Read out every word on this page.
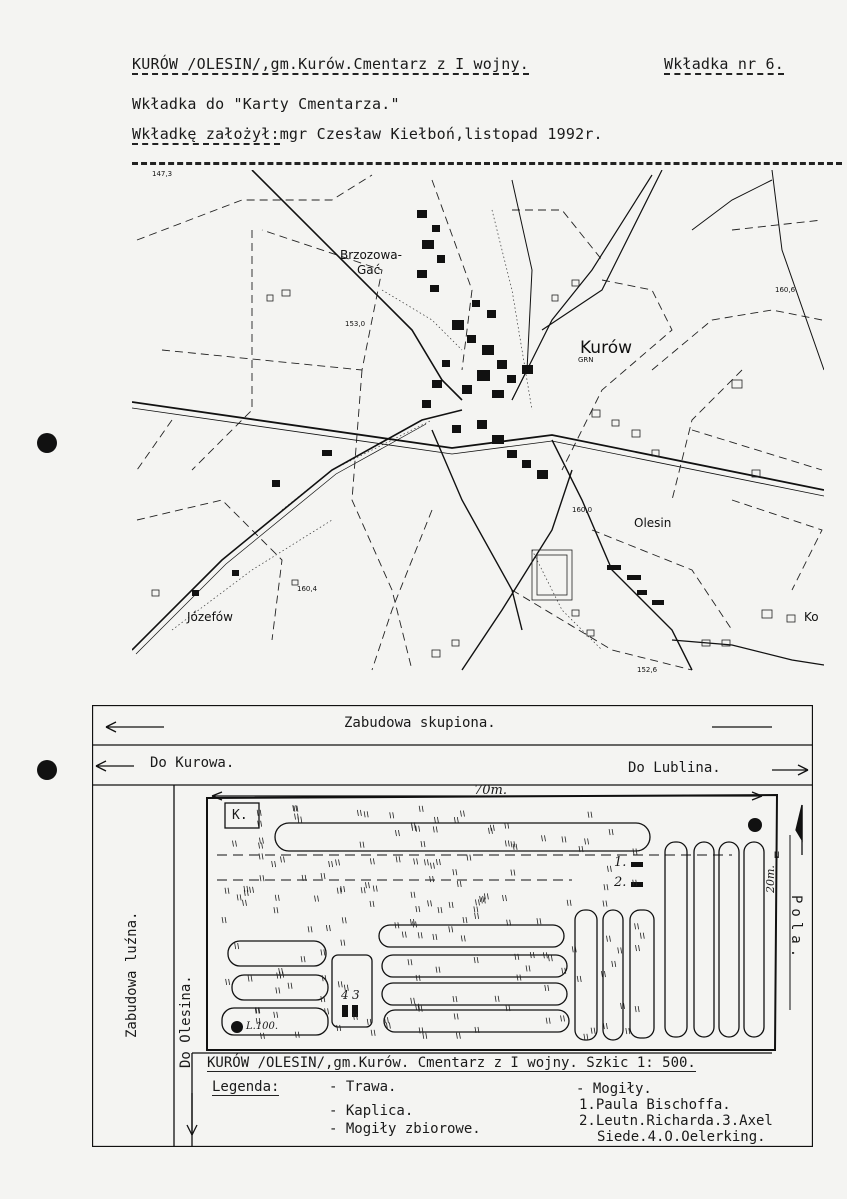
KURÓW /OLESIN/,gm.Kurów.Cmentarz z I wojny.	Wkładka nr 6.
Wkładka do "Karty Cmentarza."
Wkładkę założył:mgr Czesław Kiełboń,listopad 1992r.
Brzozowa-
Gać
Kurów
GRN
Olesin
Józefów	Ko
153,0
160,6
160,0
160,4
147,3
152,6
Zabudowa skupiona.
Do Kurowa.	Do Lublina.
Zabudowa luźna.	Do Olesina.
Pola.
70m.
20m.
K.
1.
2.
4 3
L.100.
N
KURÓW /OLESIN/,gm.Kurów. Cmentarz z I wojny. Szkic 1: 500.
Legenda:	- Trawa.
- Kaplica.
- Mogiły zbiorowe.
- Mogiły.
1.Paula Bischoffa.
2.Leutn.Richarda.3.Axel
Siede.4.O.Oelerking.
